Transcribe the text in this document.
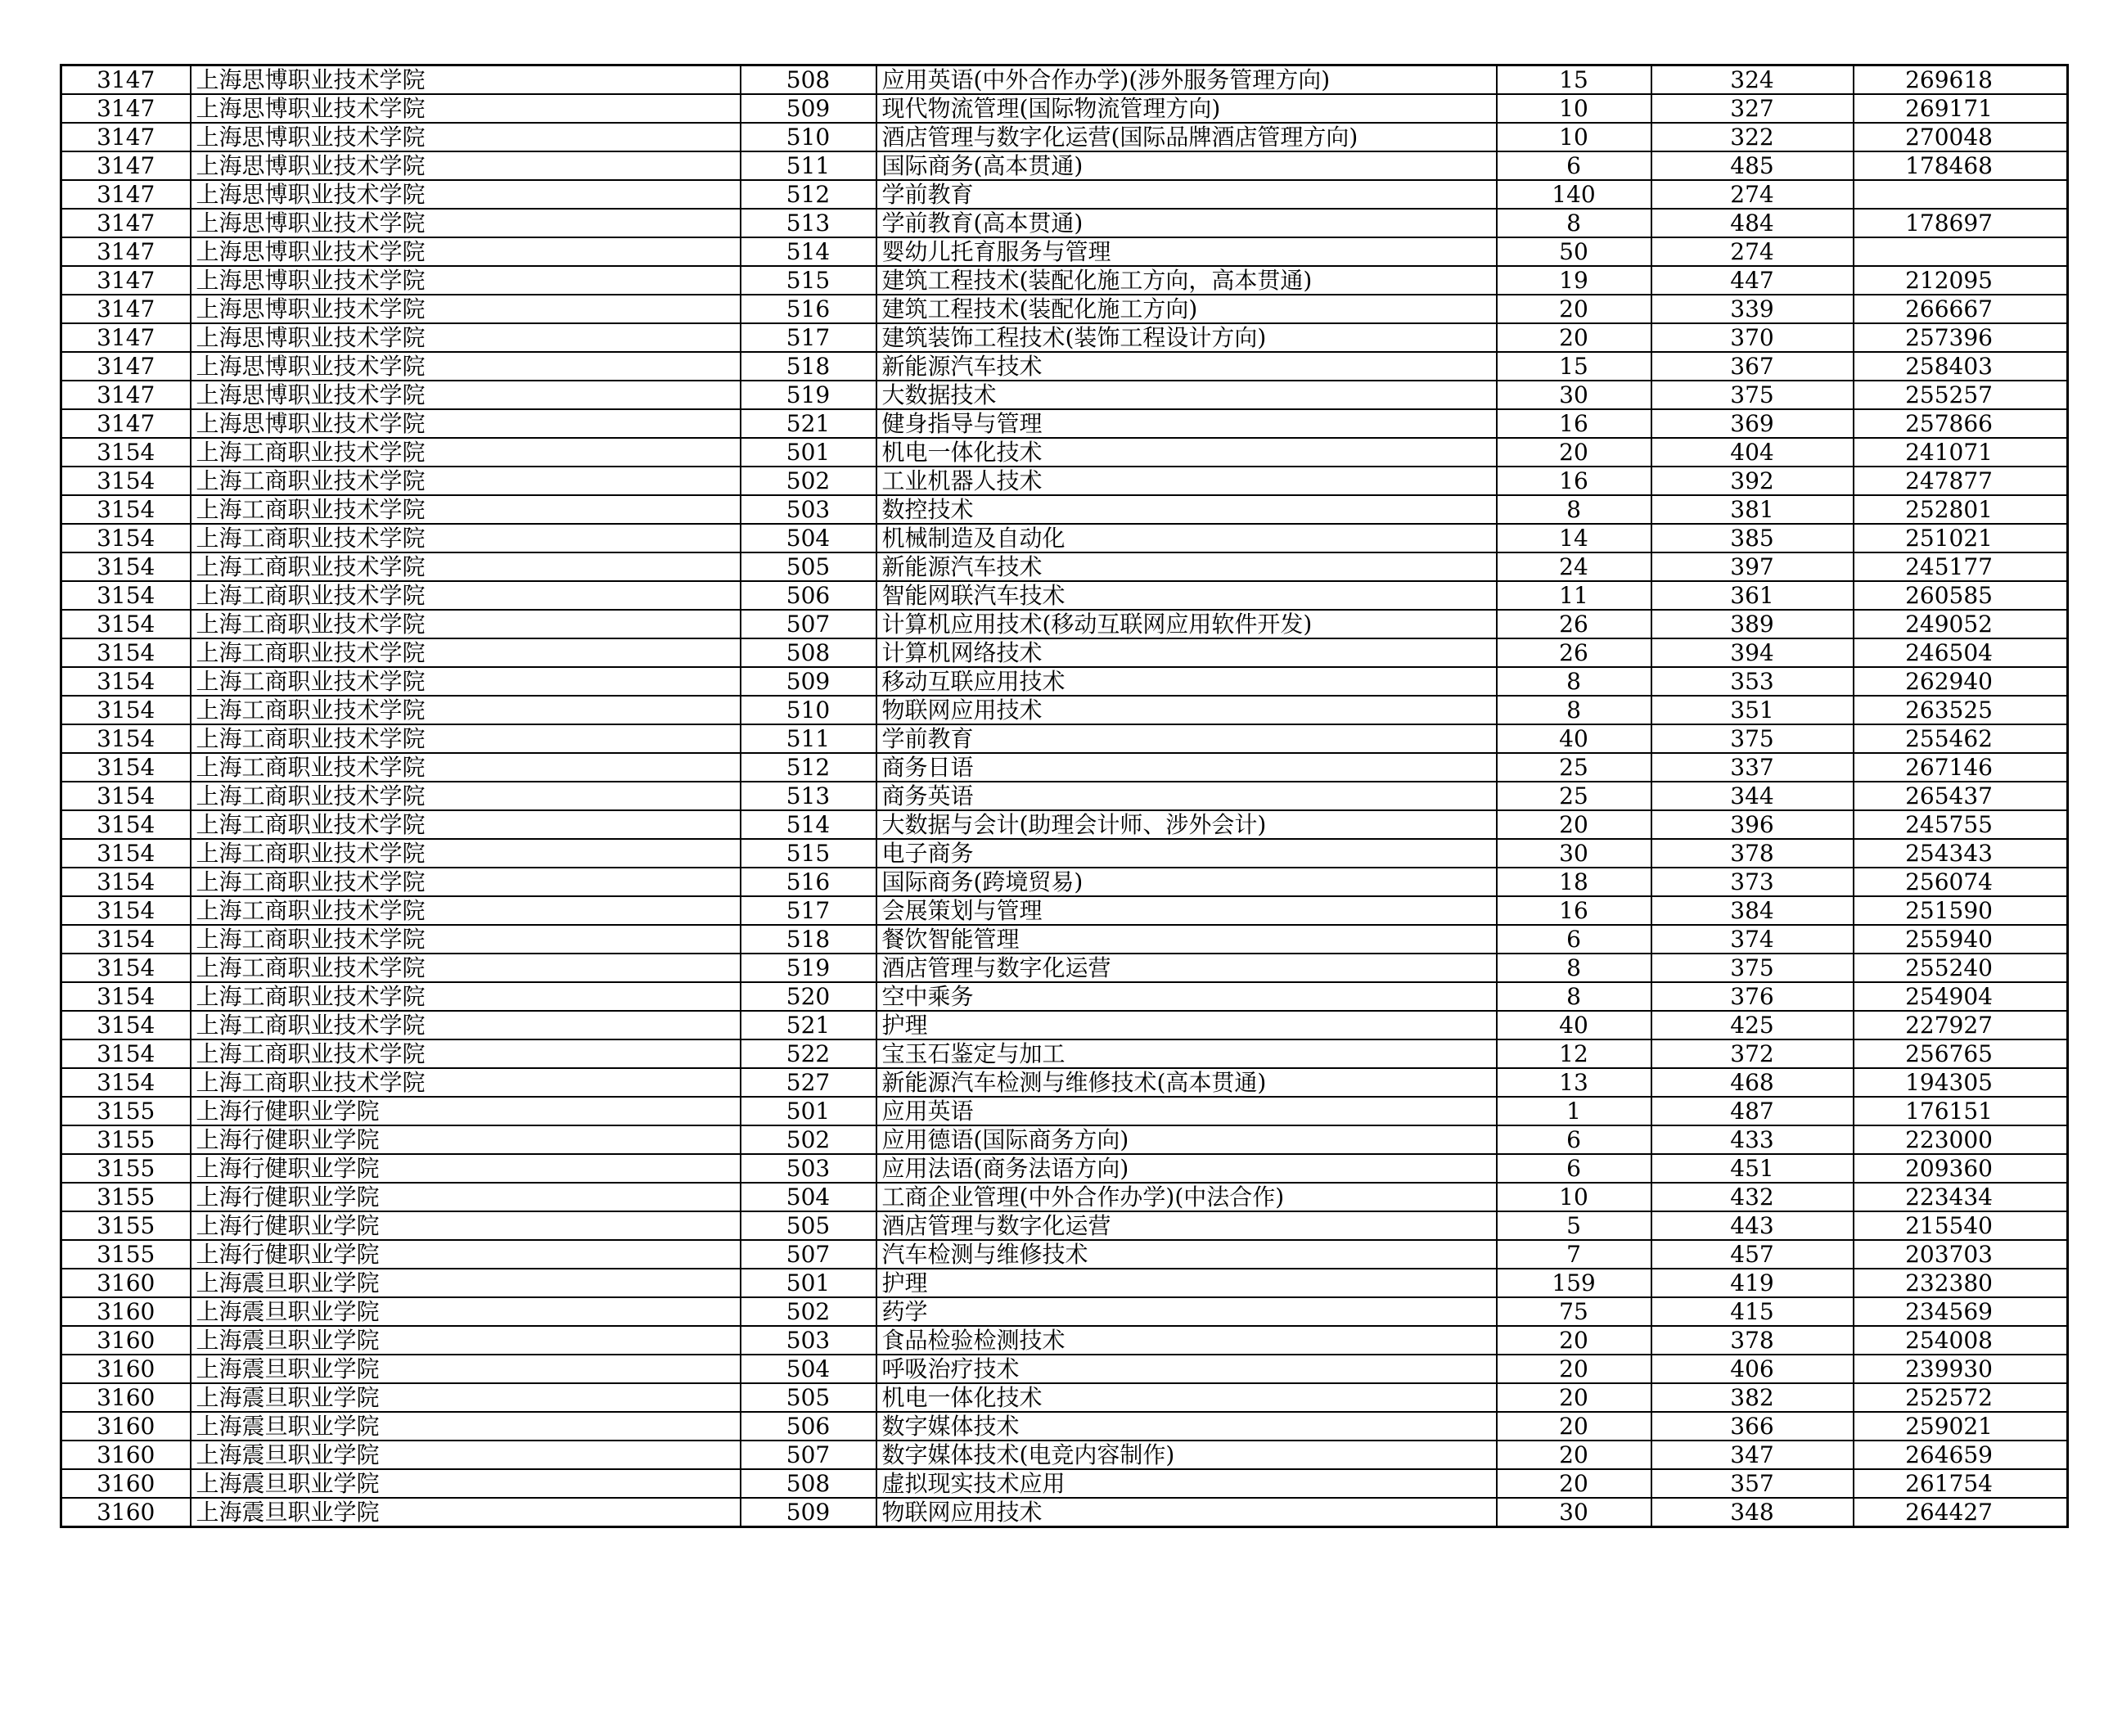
3147	上海思博职业技术学院	508	应用英语(中外合作办学)(涉外服务管理方向)	15	324	269618
3147	上海思博职业技术学院	509	现代物流管理(国际物流管理方向)	10	327	269171
3147	上海思博职业技术学院	510	酒店管理与数字化运营(国际品牌酒店管理方向)	10	322	270048
3147	上海思博职业技术学院	511	国际商务(高本贯通)	6	485	178468
3147	上海思博职业技术学院	512	学前教育	140	274	
3147	上海思博职业技术学院	513	学前教育(高本贯通)	8	484	178697
3147	上海思博职业技术学院	514	婴幼儿托育服务与管理	50	274	
3147	上海思博职业技术学院	515	建筑工程技术(装配化施工方向，高本贯通)	19	447	212095
3147	上海思博职业技术学院	516	建筑工程技术(装配化施工方向)	20	339	266667
3147	上海思博职业技术学院	517	建筑装饰工程技术(装饰工程设计方向)	20	370	257396
3147	上海思博职业技术学院	518	新能源汽车技术	15	367	258403
3147	上海思博职业技术学院	519	大数据技术	30	375	255257
3147	上海思博职业技术学院	521	健身指导与管理	16	369	257866
3154	上海工商职业技术学院	501	机电一体化技术	20	404	241071
3154	上海工商职业技术学院	502	工业机器人技术	16	392	247877
3154	上海工商职业技术学院	503	数控技术	8	381	252801
3154	上海工商职业技术学院	504	机械制造及自动化	14	385	251021
3154	上海工商职业技术学院	505	新能源汽车技术	24	397	245177
3154	上海工商职业技术学院	506	智能网联汽车技术	11	361	260585
3154	上海工商职业技术学院	507	计算机应用技术(移动互联网应用软件开发)	26	389	249052
3154	上海工商职业技术学院	508	计算机网络技术	26	394	246504
3154	上海工商职业技术学院	509	移动互联应用技术	8	353	262940
3154	上海工商职业技术学院	510	物联网应用技术	8	351	263525
3154	上海工商职业技术学院	511	学前教育	40	375	255462
3154	上海工商职业技术学院	512	商务日语	25	337	267146
3154	上海工商职业技术学院	513	商务英语	25	344	265437
3154	上海工商职业技术学院	514	大数据与会计(助理会计师、涉外会计)	20	396	245755
3154	上海工商职业技术学院	515	电子商务	30	378	254343
3154	上海工商职业技术学院	516	国际商务(跨境贸易)	18	373	256074
3154	上海工商职业技术学院	517	会展策划与管理	16	384	251590
3154	上海工商职业技术学院	518	餐饮智能管理	6	374	255940
3154	上海工商职业技术学院	519	酒店管理与数字化运营	8	375	255240
3154	上海工商职业技术学院	520	空中乘务	8	376	254904
3154	上海工商职业技术学院	521	护理	40	425	227927
3154	上海工商职业技术学院	522	宝玉石鉴定与加工	12	372	256765
3154	上海工商职业技术学院	527	新能源汽车检测与维修技术(高本贯通)	13	468	194305
3155	上海行健职业学院	501	应用英语	1	487	176151
3155	上海行健职业学院	502	应用德语(国际商务方向)	6	433	223000
3155	上海行健职业学院	503	应用法语(商务法语方向)	6	451	209360
3155	上海行健职业学院	504	工商企业管理(中外合作办学)(中法合作)	10	432	223434
3155	上海行健职业学院	505	酒店管理与数字化运营	5	443	215540
3155	上海行健职业学院	507	汽车检测与维修技术	7	457	203703
3160	上海震旦职业学院	501	护理	159	419	232380
3160	上海震旦职业学院	502	药学	75	415	234569
3160	上海震旦职业学院	503	食品检验检测技术	20	378	254008
3160	上海震旦职业学院	504	呼吸治疗技术	20	406	239930
3160	上海震旦职业学院	505	机电一体化技术	20	382	252572
3160	上海震旦职业学院	506	数字媒体技术	20	366	259021
3160	上海震旦职业学院	507	数字媒体技术(电竞内容制作)	20	347	264659
3160	上海震旦职业学院	508	虚拟现实技术应用	20	357	261754
3160	上海震旦职业学院	509	物联网应用技术	30	348	264427
